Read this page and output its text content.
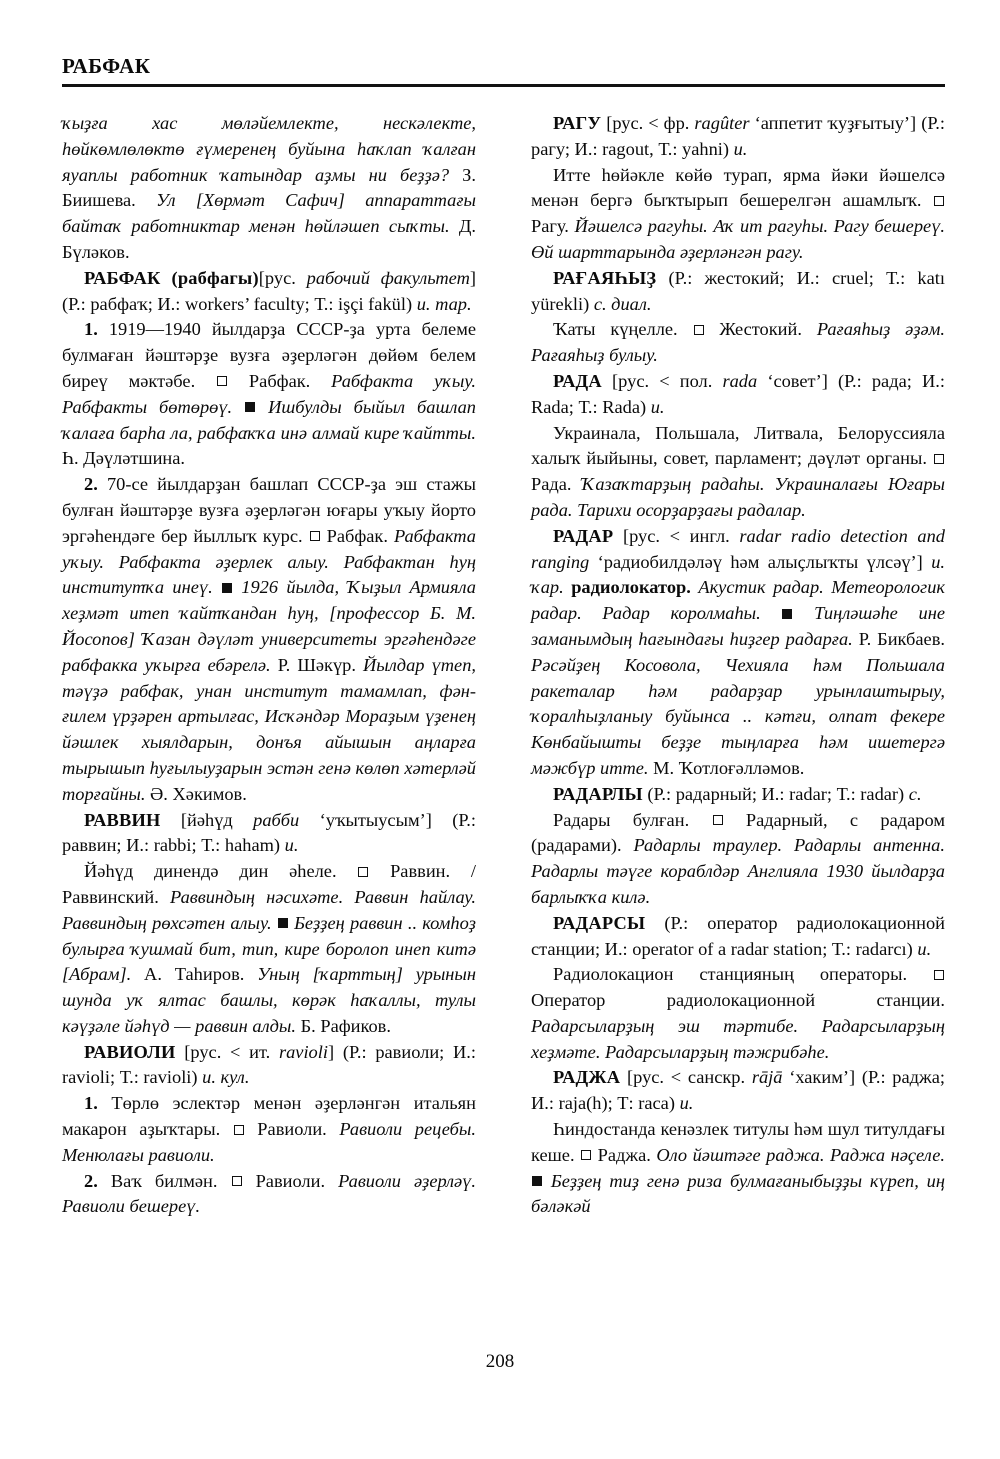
РАБФАК

ҡыҙға хас мөләйемлекте, нескәлекте, һөйкөмлөлөктө ғүмеренең буйына һаҡлап ҡалған яуаплы работник ҡатындар аҙмы ни беҙҙә? З. Биишева. Ул [Хөрмәт Сафич] аппараттағы байтаҡ работниктар менән һөйләшеп сыҡты. Д. Бүләков.

РАБФАК (рабфагы)[рус. рабочий факультет] (Р.: рабфаҡ; И.: workers’ faculty; Т.: işçi fakül) и. тар.

1. 1919—1940 йылдарҙа СССР-ҙа урта белеме булмаған йәштәрҙе вузға әҙерләгән дөйөм белем биреү мәктәбе.  Рабфак. Рабфакта уҡыу. Рабфакты бөтөрөү.  Ишбулды быйыл башлап ҡалаға барһа ла, рабфаҡҡа инә алмай кире ҡайтты. Һ. Дәүләтшина.

2. 70-се йылдарҙан башлап СССР-ҙа эш стажы булған йәштәрҙе вузға әҙерләгән юғары уҡыу йорто эргәһендәге бер йыллыҡ курс.  Рабфак. Рабфакта уҡыу. Рабфакта әҙерлек алыу. Рабфактан һуң институтҡа инеү.  1926 йылда, Ҡыҙыл Армияла хеҙмәт итеп ҡайтҡандан һуң, [профессор Б. М. Йосопов] Ҡазан дәүләт университеты эргәһендәге рабфакка уҡырға ебәрелә. Р. Шәкүр. Йылдар үтеп, тәүҙә рабфак, унан институт тамамлап, фән-ғилем үрҙәрен артылғас, Исҡәндәр Мораҙым үҙенең йәшлек хыялдарын, донъя айышын аңларға тырышып һуғылыуҙарын эстән генә көлөп хәтерләй торғайны. Ә. Хәкимов.

РАВВИН [йәһүд рабби ‘уҡытыусым’] (Р.: раввин; И.: rabbi; Т.: haham) и.

Йәһүд динендә дин әһеле.  Раввин. / Раввинский. Раввиндың нәсихәте. Раввин һайлау. Раввиндың рөхсәтен алыу.  Беҙҙең раввин .. комһоҙ булырға ҡушмай бит, тип, кире боролоп инеп китә [Абрам]. А. Таһиров. Уның [ҡарттың] урынын шунда уҡ ялтас башлы, көрәк һаҡаллы, тулы кәүҙәле йәһүд — раввин алды. Б. Рафиков.

РАВИОЛИ [рус. < ит. ravioli] (Р.: равиоли; И.: ravioli; Т.: ravioli) и. кул.

1. Төрлө эслектәр менән әҙерләнгән итальян макарон аҙыҡтары.  Равиоли. Равиоли рецебы. Менюлағы равиоли.

2. Ваҡ билмән.  Равиоли. Равиоли әҙерләү. Равиоли бешереү.

РАГУ [рус. < фр. ragûter ‘аппетит ҡуҙғытыу’] (Р.: рагу; И.: ragout, Т.: yahni) и.

Итте һөйәкле көйө турап, ярма йәки йәшелсә менән бергә быҡтырып бешерелгән ашамлыҡ.  Рагу. Йәшелсә рагуһы. Аҡ ит рагуһы. Рагу бешереү. Өй шарттарында әҙерләнгән рагу.

РАҒАЯҺЫҘ (Р.: жестокий; И.: cruel; Т.: katı yürekli) с. диал.

Ҡаты күңелле.  Жестокий. Рағаяһыҙ әҙәм. Рағаяһыҙ булыу.

РАДА [рус. < пол. rada ‘совет’] (Р.: рада; И.: Rada; Т.: Rada) и.

Украинала, Польшала, Литвала, Белоруссияла халыҡ йыйыны, совет, парламент; дәүләт органы.  Рада. Ҡазаҡтарҙың радаһы. Украиналағы Юғары рада. Тарихи осорҙарҙағы радалар.

РАДАР [рус. < ингл. radar radio detection and ranging ‘радиобилдәләү һәм алыҫлыҡты үлсәү’] и. ҡар. радиолокатор. Акустик радар. Метеорологик радар. Радар королмаһы.  Тиңләшәһе ине заманымдың һағындағы һиҙгер радарға. Р. Бикбаев. Рәсәйҙең Косовола, Чехияла һәм Польшала ракеталар һәм радарҙар урынлаштырыу, ҡоралһыҙланыу буйынса .. кәтғи, олпат фекере Көнбайышты беҙҙе тыңларға һәм ишетергә мәжбүр итте. М. Ҡотлоғәлләмов.

РАДАРЛЫ (Р.: радарный; И.: radar; Т.: radar) с.

Радары булған.  Радарный, с радаром (радарами). Радарлы траулер. Радарлы антенна. Радарлы тәүге кораблдәр Англияла 1930 йылдарҙа барлыҡҡа килә.

РАДАРСЫ (Р.: оператор радиолокационной станции; И.: operator of a radar station; Т.: radarcı) и.

Радиолокацион станцияның операторы.  Оператор радиолокационной станции. Радарсыларҙың эш тәртибе. Радарсыларҙың хеҙмәте. Радарсыларҙың тәжрибәһе.

РАДЖА [рус. < санскр. rājā ‘хаким’] (Р.: раджа; И.: raja(h); Т: raca) и.

Һиндостанда кенәзлек титулы һәм шул титулдағы кеше.  Раджа. Оло йәштәге раджа. Раджа нәҫеле.  Беҙҙең тиҙ генә риза булмағаныбыҙҙы күреп, иң бәләкәй

208
